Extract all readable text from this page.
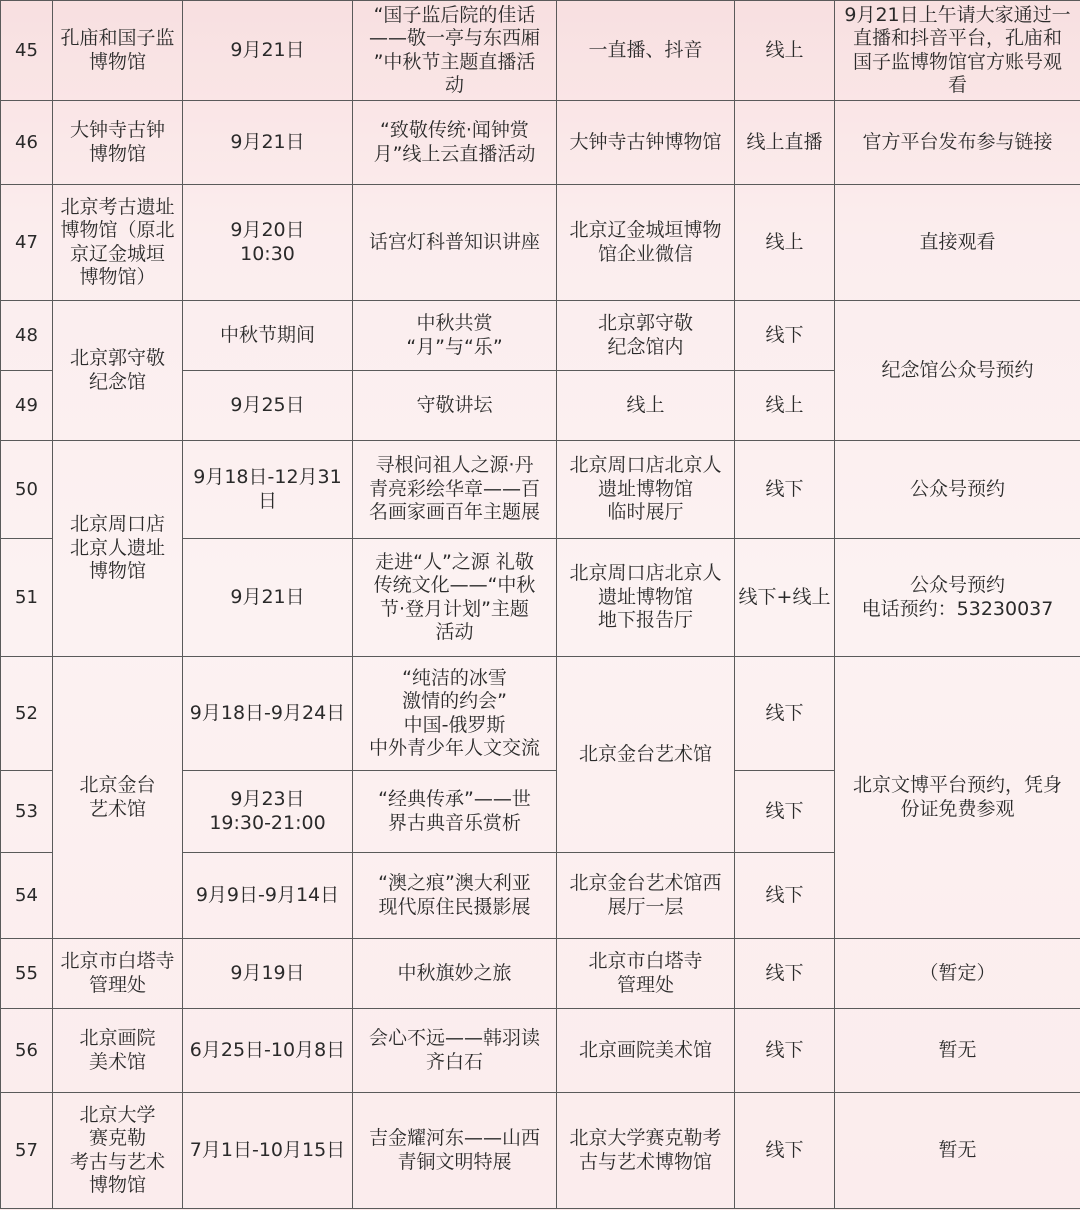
45	孔庙和国子监
博物馆	9月21日	“国子监后院的佳话
——敬一亭与东西厢
”中秋节主题直播活
动	一直播、抖音	线上	9月21日上午请大家通过一
直播和抖音平台，孔庙和
国子监博物馆官方账号观
看

46	大钟寺古钟
博物馆	9月21日	“致敬传统·闻钟赏
月”线上云直播活动	大钟寺古钟博物馆	线上直播	官方平台发布参与链接

47	北京考古遗址
博物馆（原北
京辽金城垣
博物馆）	9月20日
10:30	话宫灯科普知识讲座	北京辽金城垣博物
馆企业微信	线上	直接观看

48	北京郭守敬
纪念馆	中秋节期间	中秋共赏
“月”与“乐”	北京郭守敬
纪念馆内	线下	纪念馆公众号预约

49		9月25日	守敬讲坛	线上	线上	

50	北京周口店
北京人遗址
博物馆	9月18日-12月31
日	寻根问祖人之源·丹
青亮彩绘华章——百
名画家画百年主题展	北京周口店北京人
遗址博物馆
临时展厅	线下	公众号预约

51		9月21日	走进“人”之源 礼敬
传统文化——“中秋
节·登月计划”主题
活动	北京周口店北京人
遗址博物馆
地下报告厅	线下+线上	公众号预约
电话预约：53230037

52	北京金台
艺术馆	9月18日-9月24日	“纯洁的冰雪
激情的约会”
中国-俄罗斯
中外青少年人文交流	北京金台艺术馆	线下	北京文博平台预约，凭身
份证免费参观

53		9月23日
19:30-21:00	“经典传承”——世
界古典音乐赏析		线下	

54		9月9日-9月14日	“澳之痕”澳大利亚
现代原住民摄影展	北京金台艺术馆西
展厅一层	线下	

55	北京市白塔寺
管理处	9月19日	中秋旗妙之旅	北京市白塔寺
管理处	线下	（暂定）

56	北京画院
美术馆	6月25日-10月8日	会心不远——韩羽读
齐白石	北京画院美术馆	线下	暂无

57	北京大学
赛克勒
考古与艺术
博物馆	7月1日-10月15日	吉金耀河东——山西
青铜文明特展	北京大学赛克勒考
古与艺术博物馆	线下	暂无
